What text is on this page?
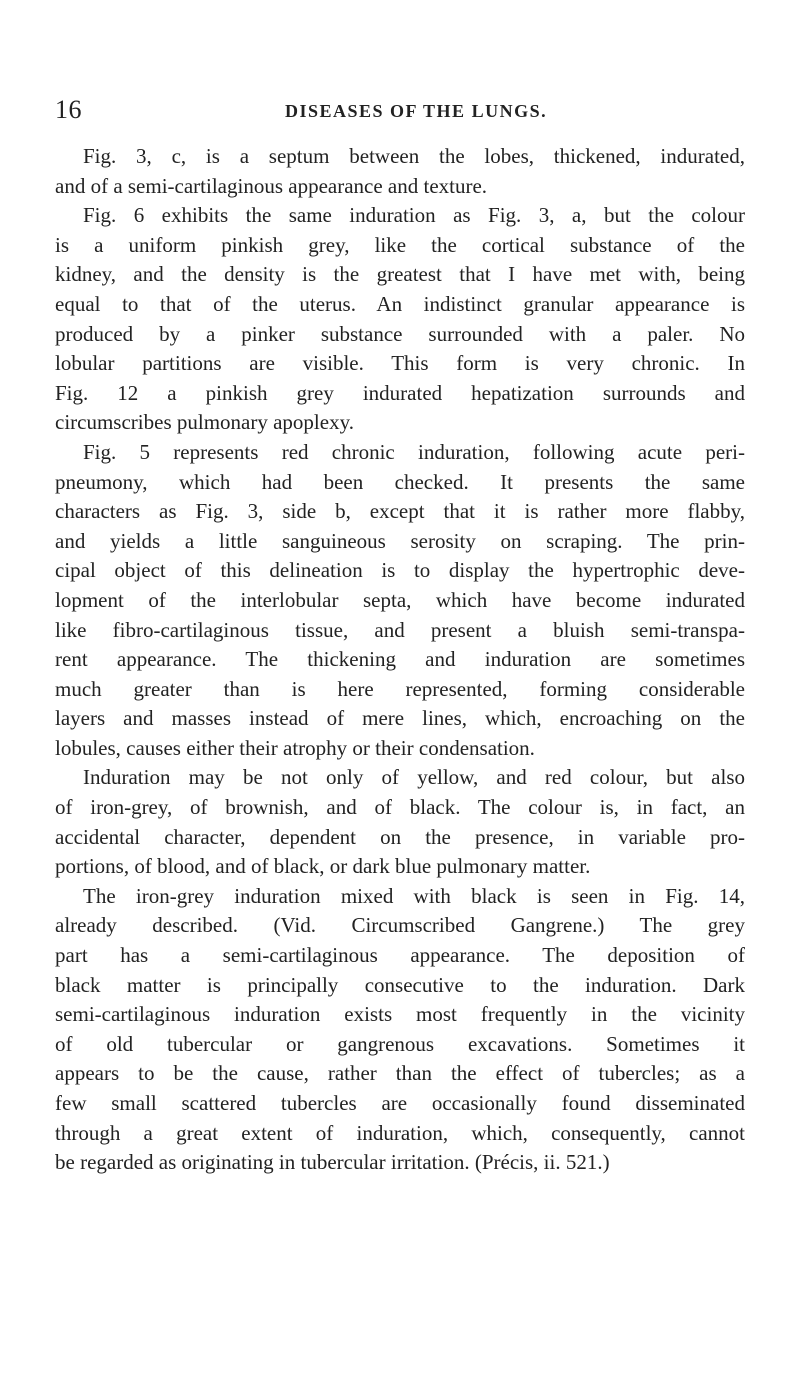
16	DISEASES OF THE LUNGS.
Fig. 3, c, is a septum between the lobes, thickened, indurated,
and of a semi-cartilaginous appearance and texture.
Fig. 6 exhibits the same induration as Fig. 3, a, but the colour
is a uniform pinkish grey, like the cortical substance of the
kidney, and the density is the greatest that I have met with, being
equal to that of the uterus. An indistinct granular appearance is
produced by a pinker substance surrounded with a paler. No
lobular partitions are visible. This form is very chronic. In
Fig. 12 a pinkish grey indurated hepatization surrounds and
circumscribes pulmonary apoplexy.
Fig. 5 represents red chronic induration, following acute peri-
pneumony, which had been checked. It presents the same
characters as Fig. 3, side b, except that it is rather more flabby,
and yields a little sanguineous serosity on scraping. The prin-
cipal object of this delineation is to display the hypertrophic deve-
lopment of the interlobular septa, which have become indurated
like fibro-cartilaginous tissue, and present a bluish semi-transpa-
rent appearance. The thickening and induration are sometimes
much greater than is here represented, forming considerable
layers and masses instead of mere lines, which, encroaching on the
lobules, causes either their atrophy or their condensation.
Induration may be not only of yellow, and red colour, but also
of iron-grey, of brownish, and of black. The colour is, in fact, an
accidental character, dependent on the presence, in variable pro-
portions, of blood, and of black, or dark blue pulmonary matter.
The iron-grey induration mixed with black is seen in Fig. 14,
already described. (Vid. Circumscribed Gangrene.) The grey
part has a semi-cartilaginous appearance. The deposition of
black matter is principally consecutive to the induration. Dark
semi-cartilaginous induration exists most frequently in the vicinity
of old tubercular or gangrenous excavations. Sometimes it
appears to be the cause, rather than the effect of tubercles; as a
few small scattered tubercles are occasionally found disseminated
through a great extent of induration, which, consequently, cannot
be regarded as originating in tubercular irritation. (Précis, ii. 521.)
